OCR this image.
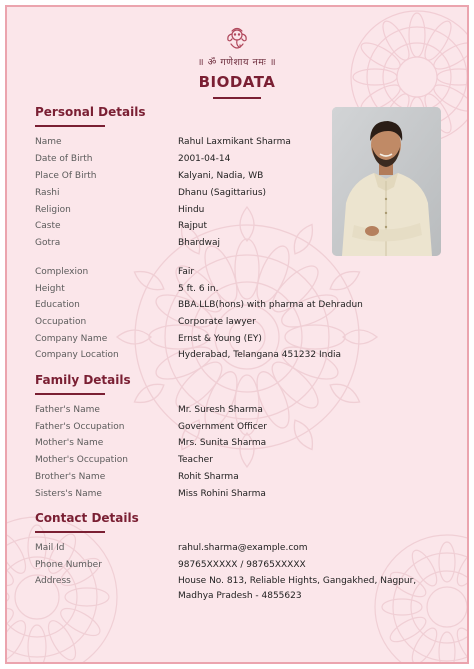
॥ ॐ गणेशाय नमः ॥
BIODATA
Personal Details
Name	Rahul Laxmikant Sharma
Date of Birth	2001-04-14
Place Of Birth	Kalyani, Nadia, WB
Rashi	Dhanu (Sagittarius)
Religion	Hindu
Caste	Rajput
Gotra	Bhardwaj
Complexion	Fair
Height	5 ft. 6 in.
Education	BBA.LLB(hons) with pharma at Dehradun
Occupation	Corporate lawyer
Company Name	Ernst & Young (EY)
Company Location	Hyderabad, Telangana 451232 India
Family Details
Father's Name	Mr. Suresh Sharma
Father's Occupation	Government Officer
Mother's Name	Mrs. Sunita Sharma
Mother's Occupation	Teacher
Brother's Name	Rohit Sharma
Sisters's Name	Miss Rohini Sharma
Contact Details
Mail Id	rahul.sharma@example.com
Phone Number	98765XXXXX / 98765XXXXX
Address	House No. 813, Reliable Hights, Gangakhed, Nagpur,
Madhya Pradesh - 4855623
